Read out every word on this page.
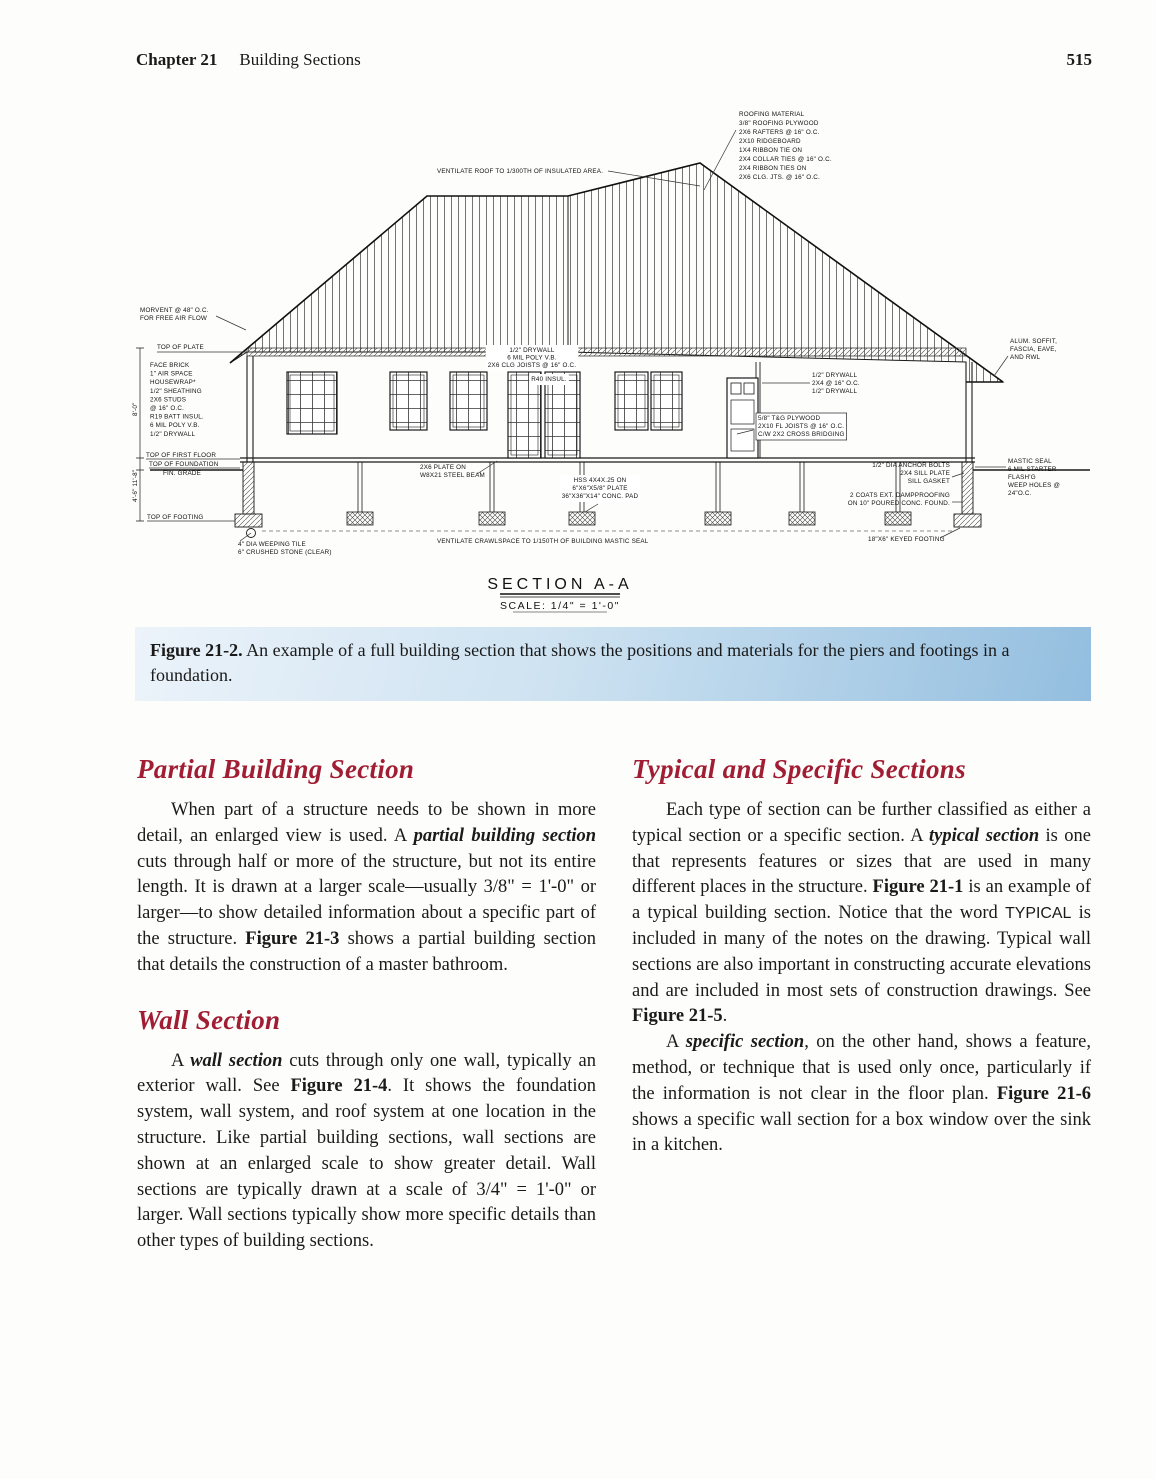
Chapter 21 Building Sections	515
ROOFING MATERIAL
3/8" ROOFING PLYWOOD
2X6 RAFTERS @ 16" O.C.
2X10 RIDGEBOARD
1X4 RIBBON TIE ON
2X4 COLLAR TIES @ 16" O.C.
2X4 RIBBON TIES ON
2X6 CLG. JTS. @ 16" O.C.
VENTILATE ROOF TO 1/300TH OF INSULATED AREA.
MORVENT @ 48" O.C.
FOR FREE AIR FLOW
TOP OF PLATE
FACE BRICK
1" AIR SPACE
HOUSEWRAP*
1/2" SHEATHING
2X6 STUDS
@ 16" O.C.
R19 BATT INSUL.
6 MIL POLY V.B.
1/2" DRYWALL
1/2" DRYWALL
6 MIL POLY V.B.
2X6 CLG JOISTS @ 16" O.C.
R40 INSUL.
TOP OF FIRST FLOOR
TOP OF FOUNDATION
FIN. GRADE
TOP OF FOOTING
4" DIA WEEPING TILE
6" CRUSHED STONE (CLEAR)
2X6 PLATE ON
W8X21 STEEL BEAM
HSS 4X4X.25 ON
6"X6"X5/8" PLATE
36"X36"X14" CONC. PAD
VENTILATE CRAWLSPACE TO 1/150TH OF BUILDING MASTIC SEAL
1/2" DRYWALL
2X4 @ 16" O.C.
1/2" DRYWALL
5/8" T&G PLYWOOD
2X10 FL JOISTS @ 16" O.C.
C/W 2X2 CROSS BRIDGING
1/2" DIA ANCHOR BOLTS
2X4 SILL PLATE
SILL GASKET
2 COATS EXT. DAMPPROOFING
ON 10" POURED CONC. FOUND.
ALUM. SOFFIT,
FASCIA, EAVE,
AND RWL
MASTIC SEAL
6 MIL STARTER
FLASH'G
WEEP HOLES @
24"O.C.
18"X6" KEYED FOOTING
8'-0"
4'-6" 11'-8"
SECTION A-A
SCALE: 1/4" = 1'-0"
Figure 21-2. An example of a full building section that shows the positions and materials for the piers and footings in a foundation.
Partial Building Section

When part of a structure needs to be shown in more detail, an enlarged view is used. A partial building section cuts through half or more of the structure, but not its entire length. It is drawn at a larger scale—usually 3/8" = 1'-0" or larger—to show detailed information about a specific part of the structure. Figure 21-3 shows a partial building section that details the construction of a master bathroom.

Wall Section

A wall section cuts through only one wall, typically an exterior wall. See Figure 21-4. It shows the foundation system, wall system, and roof system at one location in the structure. Like partial building sections, wall sections are shown at an enlarged scale to show greater detail. Wall sections are typically drawn at a scale of 3/4" = 1'-0" or larger. Wall sections typically show more specific details than other types of building sections.

Typical and Specific Sections

Each type of section can be further classified as either a typical section or a specific section. A typical section is one that represents features or sizes that are used in many different places in the structure. Figure 21-1 is an example of a typical building section. Notice that the word TYPICAL is included in many of the notes on the drawing. Typical wall sections are also important in constructing accurate elevations and are included in most sets of construction drawings. See Figure 21-5.

A specific section, on the other hand, shows a feature, method, or technique that is used only once, particularly if the information is not clear in the floor plan. Figure 21-6 shows a specific wall section for a box window over the sink in a kitchen.
